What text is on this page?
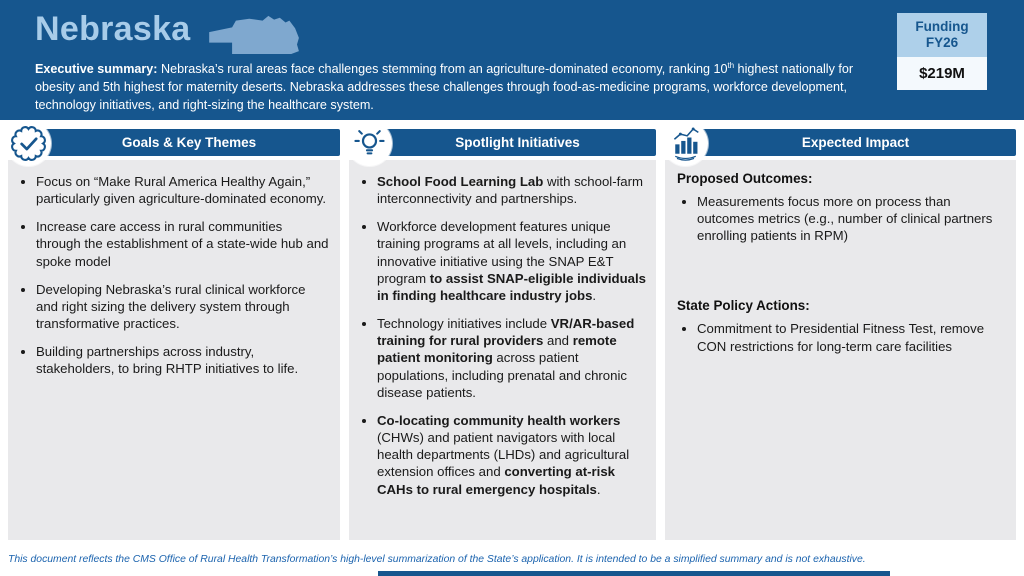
Nebraska
Executive summary: Nebraska’s rural areas face challenges stemming from an agriculture-dominated economy, ranking 10th highest nationally for obesity and 5th highest for maternity deserts. Nebraska addresses these challenges through food-as-medicine programs, workforce development, technology initiatives, and right-sizing the healthcare system.
Funding
FY26
$219M
Goals & Key Themes
• Focus on “Make Rural America Healthy Again,” particularly given agriculture-dominated economy.
• Increase care access in rural communities through the establishment of a state-wide hub and spoke model
• Developing Nebraska’s rural clinical workforce and right sizing the delivery system through transformative practices.
• Building partnerships across industry, stakeholders, to bring RHTP initiatives to life.
Spotlight Initiatives
• School Food Learning Lab with school-farm interconnectivity and partnerships.
• Workforce development features unique training programs at all levels, including an innovative initiative using the SNAP E&T program to assist SNAP-eligible individuals in finding healthcare industry jobs.
• Technology initiatives include VR/AR-based training for rural providers and remote patient monitoring across patient populations, including prenatal and chronic disease patients.
• Co-locating community health workers (CHWs) and patient navigators with local health departments (LHDs) and agricultural extension offices and converting at-risk CAHs to rural emergency hospitals.
Expected Impact
Proposed Outcomes:
• Measurements focus more on process than outcomes metrics (e.g., number of clinical partners enrolling patients in RPM)
State Policy Actions:
• Commitment to Presidential Fitness Test, remove CON restrictions for long-term care facilities
This document reflects the CMS Office of Rural Health Transformation’s high-level summarization of the State’s application. It is intended to be a simplified summary and is not exhaustive.
